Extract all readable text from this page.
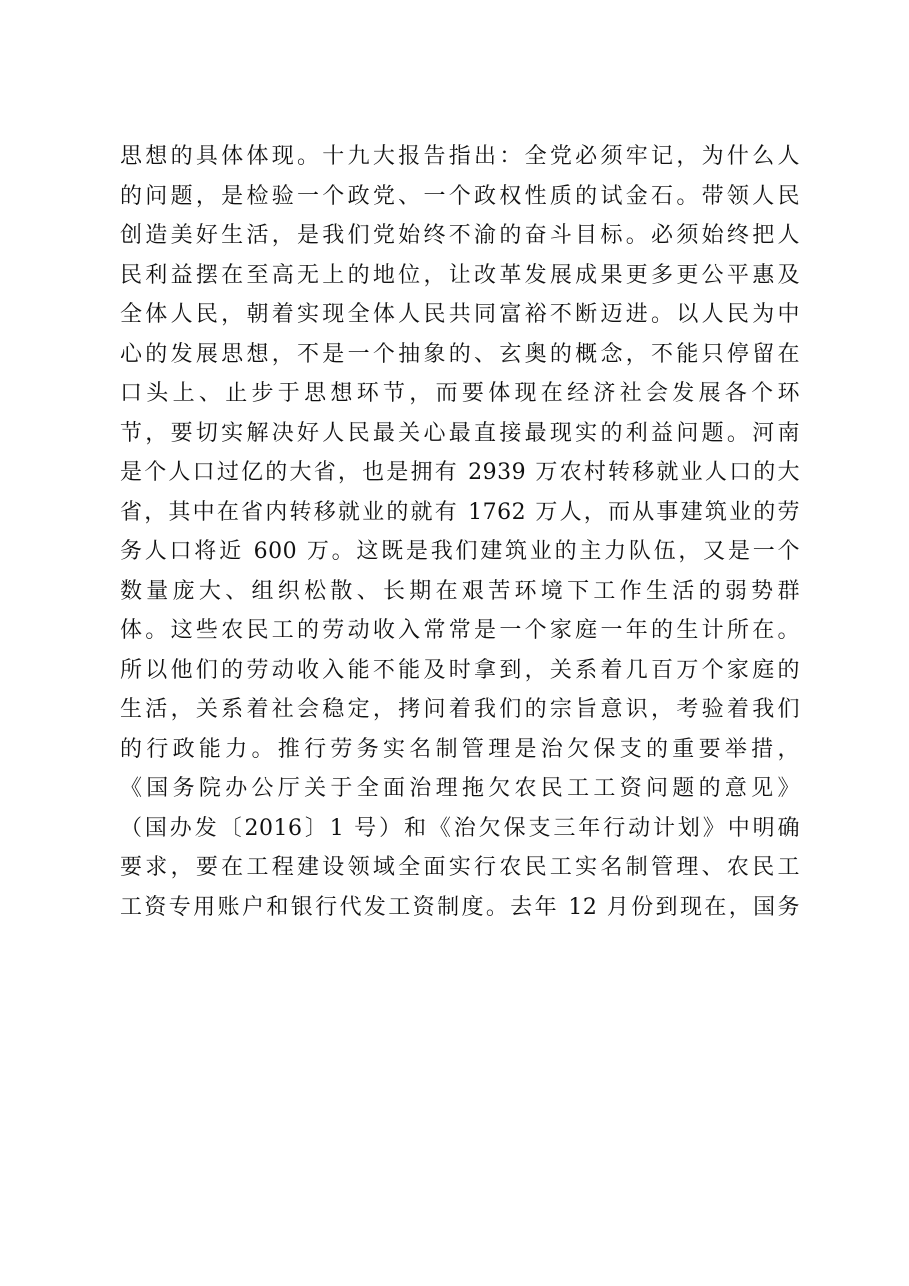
思想的具体体现。十九大报告指出：全党必须牢记，为什么人
的问题，是检验一个政党、一个政权性质的试金石。带领人民
创造美好生活，是我们党始终不渝的奋斗目标。必须始终把人
民利益摆在至高无上的地位，让改革发展成果更多更公平惠及
全体人民，朝着实现全体人民共同富裕不断迈进。以人民为中
心的发展思想，不是一个抽象的、玄奥的概念，不能只停留在
口头上、止步于思想环节，而要体现在经济社会发展各个环
节，要切实解决好人民最关心最直接最现实的利益问题。河南
是个人口过亿的大省，也是拥有 2939 万农村转移就业人口的大
省，其中在省内转移就业的就有 1762 万人，而从事建筑业的劳
务人口将近 600 万。这既是我们建筑业的主力队伍，又是一个
数量庞大、组织松散、长期在艰苦环境下工作生活的弱势群
体。这些农民工的劳动收入常常是一个家庭一年的生计所在。
所以他们的劳动收入能不能及时拿到，关系着几百万个家庭的
生活，关系着社会稳定，拷问着我们的宗旨意识，考验着我们
的行政能力。推行劳务实名制管理是治欠保支的重要举措，
《国务院办公厅关于全面治理拖欠农民工工资问题的意见》
（国办发〔2016〕1 号）和《治欠保支三年行动计划》中明确
要求，要在工程建设领域全面实行农民工实名制管理、农民工
工资专用账户和银行代发工资制度。去年 12 月份到现在，国务
